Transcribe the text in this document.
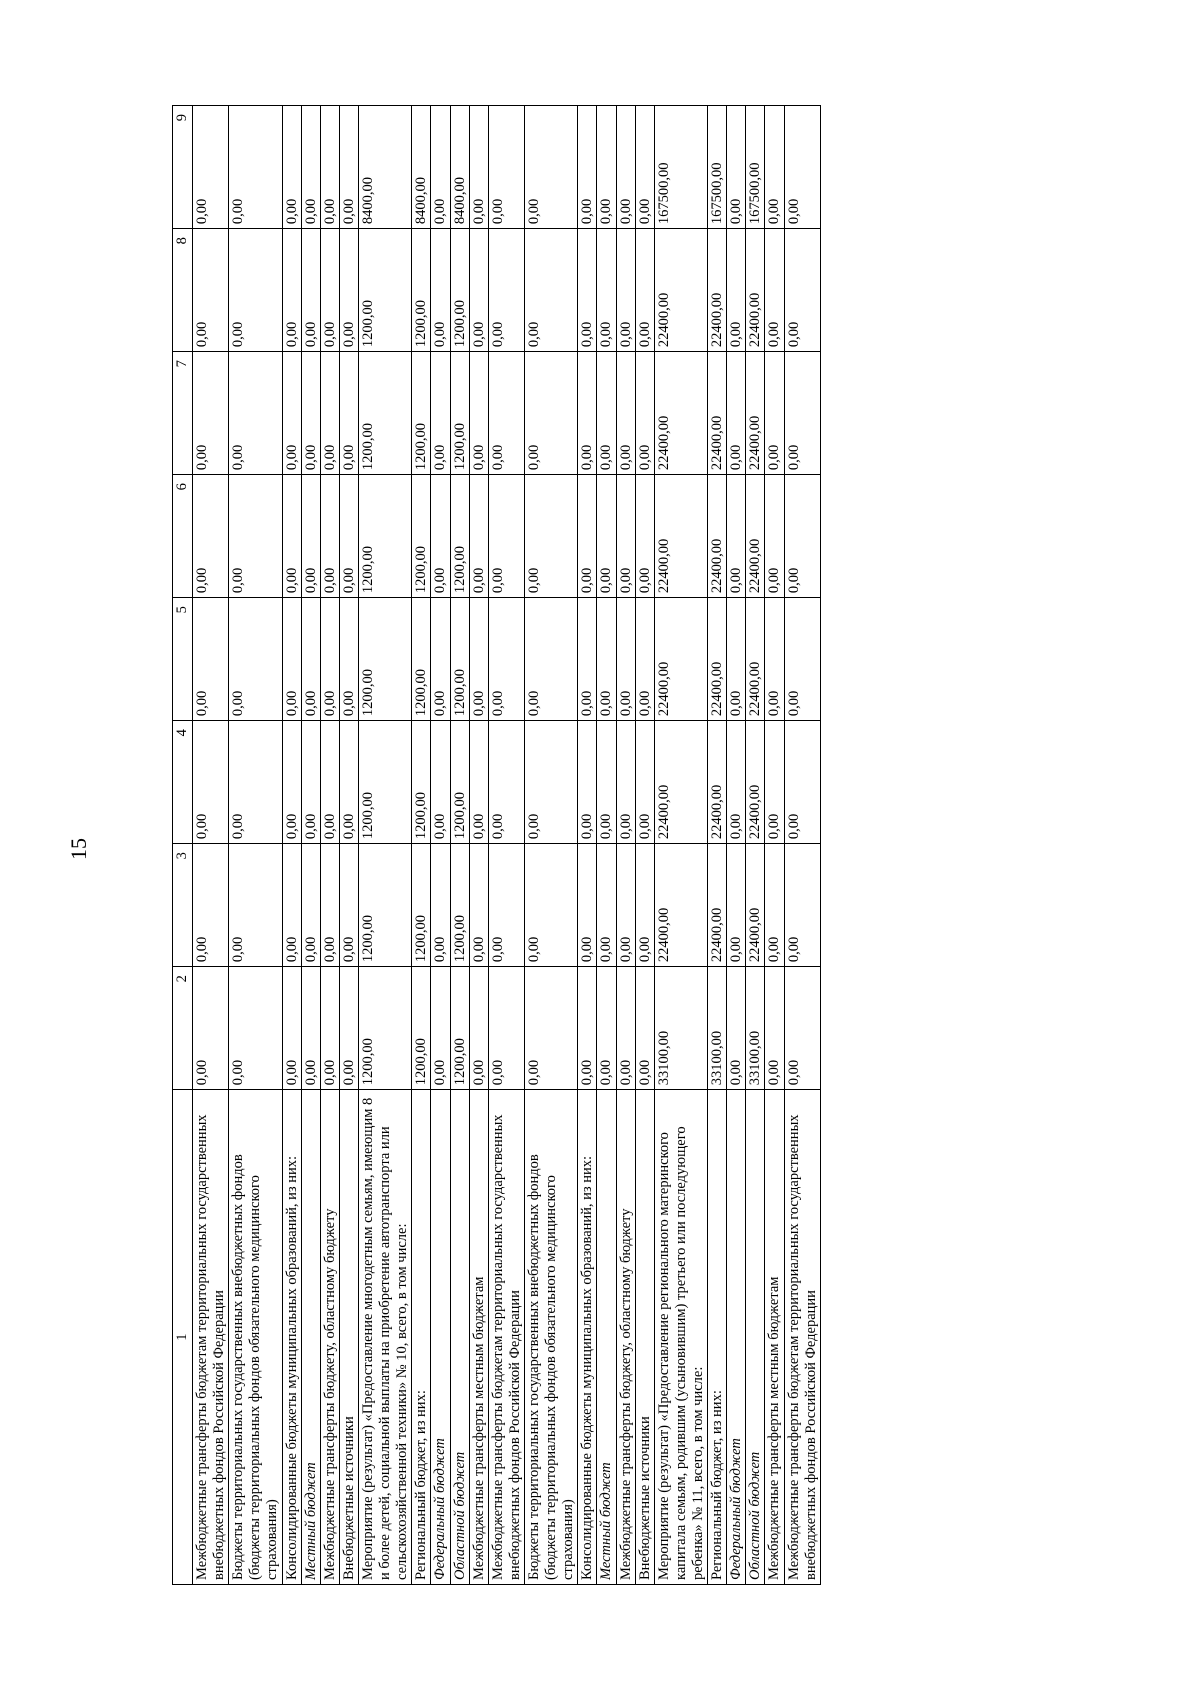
15
1	2	3	4	5	6	7	8	9
Межбюджетные трансферты бюджетам территориальных государственных внебюджетных фондов Российской Федерации	0,00	0,00	0,00	0,00	0,00	0,00	0,00	0,00
Бюджеты территориальных государственных внебюджетных фондов (бюджеты территориальных фондов обязательного медицинского страхования)	0,00	0,00	0,00	0,00	0,00	0,00	0,00	0,00
Консолидированные бюджеты муниципальных образований, из них:	0,00	0,00	0,00	0,00	0,00	0,00	0,00	0,00
Местный бюджет	0,00	0,00	0,00	0,00	0,00	0,00	0,00	0,00
Межбюджетные трансферты бюджету, областному бюджету	0,00	0,00	0,00	0,00	0,00	0,00	0,00	0,00
Внебюджетные источники	0,00	0,00	0,00	0,00	0,00	0,00	0,00	0,00
Мероприятие (результат) «Предоставление многодетным семьям, имеющим 8 и более детей, социальной выплаты на приобретение автотранспорта или сельскохозяйственной техники» № 10, всего, в том числе:	1200,00	1200,00	1200,00	1200,00	1200,00	1200,00	1200,00	8400,00
Региональный бюджет, из них:	1200,00	1200,00	1200,00	1200,00	1200,00	1200,00	1200,00	8400,00
Федеральный бюджет	0,00	0,00	0,00	0,00	0,00	0,00	0,00	0,00
Областной бюджет	1200,00	1200,00	1200,00	1200,00	1200,00	1200,00	1200,00	8400,00
Межбюджетные трансферты местным бюджетам	0,00	0,00	0,00	0,00	0,00	0,00	0,00	0,00
Межбюджетные трансферты бюджетам территориальных государственных внебюджетных фондов Российской Федерации	0,00	0,00	0,00	0,00	0,00	0,00	0,00	0,00
Бюджеты территориальных государственных внебюджетных фондов (бюджеты территориальных фондов обязательного медицинского страхования)	0,00	0,00	0,00	0,00	0,00	0,00	0,00	0,00
Консолидированные бюджеты муниципальных образований, из них:	0,00	0,00	0,00	0,00	0,00	0,00	0,00	0,00
Местный бюджет	0,00	0,00	0,00	0,00	0,00	0,00	0,00	0,00
Межбюджетные трансферты бюджету, областному бюджету	0,00	0,00	0,00	0,00	0,00	0,00	0,00	0,00
Внебюджетные источники	0,00	0,00	0,00	0,00	0,00	0,00	0,00	0,00
Мероприятие (результат) «Предоставление регионального материнского капитала семьям, родившим (усыновившим) третьего или последующего ребенка» № 11, всего, в том числе:	33100,00	22400,00	22400,00	22400,00	22400,00	22400,00	22400,00	167500,00
Региональный бюджет, из них:	33100,00	22400,00	22400,00	22400,00	22400,00	22400,00	22400,00	167500,00
Федеральный бюджет	0,00	0,00	0,00	0,00	0,00	0,00	0,00	0,00
Областной бюджет	33100,00	22400,00	22400,00	22400,00	22400,00	22400,00	22400,00	167500,00
Межбюджетные трансферты местным бюджетам	0,00	0,00	0,00	0,00	0,00	0,00	0,00	0,00
Межбюджетные трансферты бюджетам территориальных государственных внебюджетных фондов Российской Федерации	0,00	0,00	0,00	0,00	0,00	0,00	0,00	0,00
